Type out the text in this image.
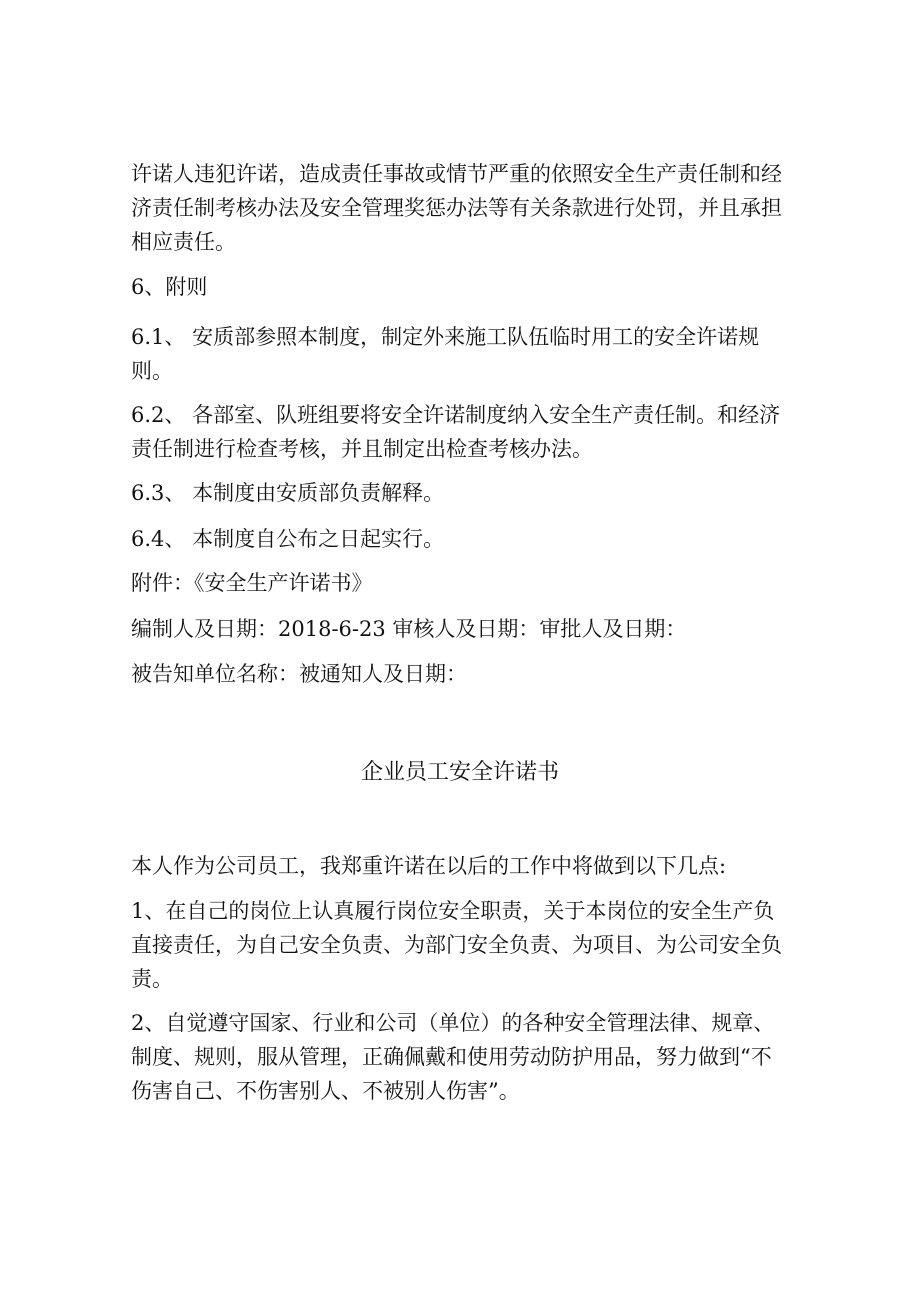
许诺人违犯许诺，造成责任事故或情节严重的依照安全生产责任制和经济责任制考核办法及安全管理奖惩办法等有关条款进行处罚，并且承担相应责任。

6、附则

6.1、 安质部参照本制度，制定外来施工队伍临时用工的安全许诺规则。

6.2、 各部室、队班组要将安全许诺制度纳入安全生产责任制。和经济责任制进行检查考核，并且制定出检查考核办法。

6.3、 本制度由安质部负责解释。

6.4、 本制度自公布之日起实行。

附件：《安全生产许诺书》

编制人及日期：2018-6-23 审核人及日期：审批人及日期：

被告知单位名称：被通知人及日期：

企业员工安全许诺书

本人作为公司员工，我郑重许诺在以后的工作中将做到以下几点:

1、在自己的岗位上认真履行岗位安全职责，关于本岗位的安全生产负直接责任，为自己安全负责、为部门安全负责、为项目、为公司安全负责。

2、自觉遵守国家、行业和公司（单位）的各种安全管理法律、规章、制度、规则，服从管理，正确佩戴和使用劳动防护用品，努力做到“不伤害自己、不伤害别人、不被别人伤害”。
